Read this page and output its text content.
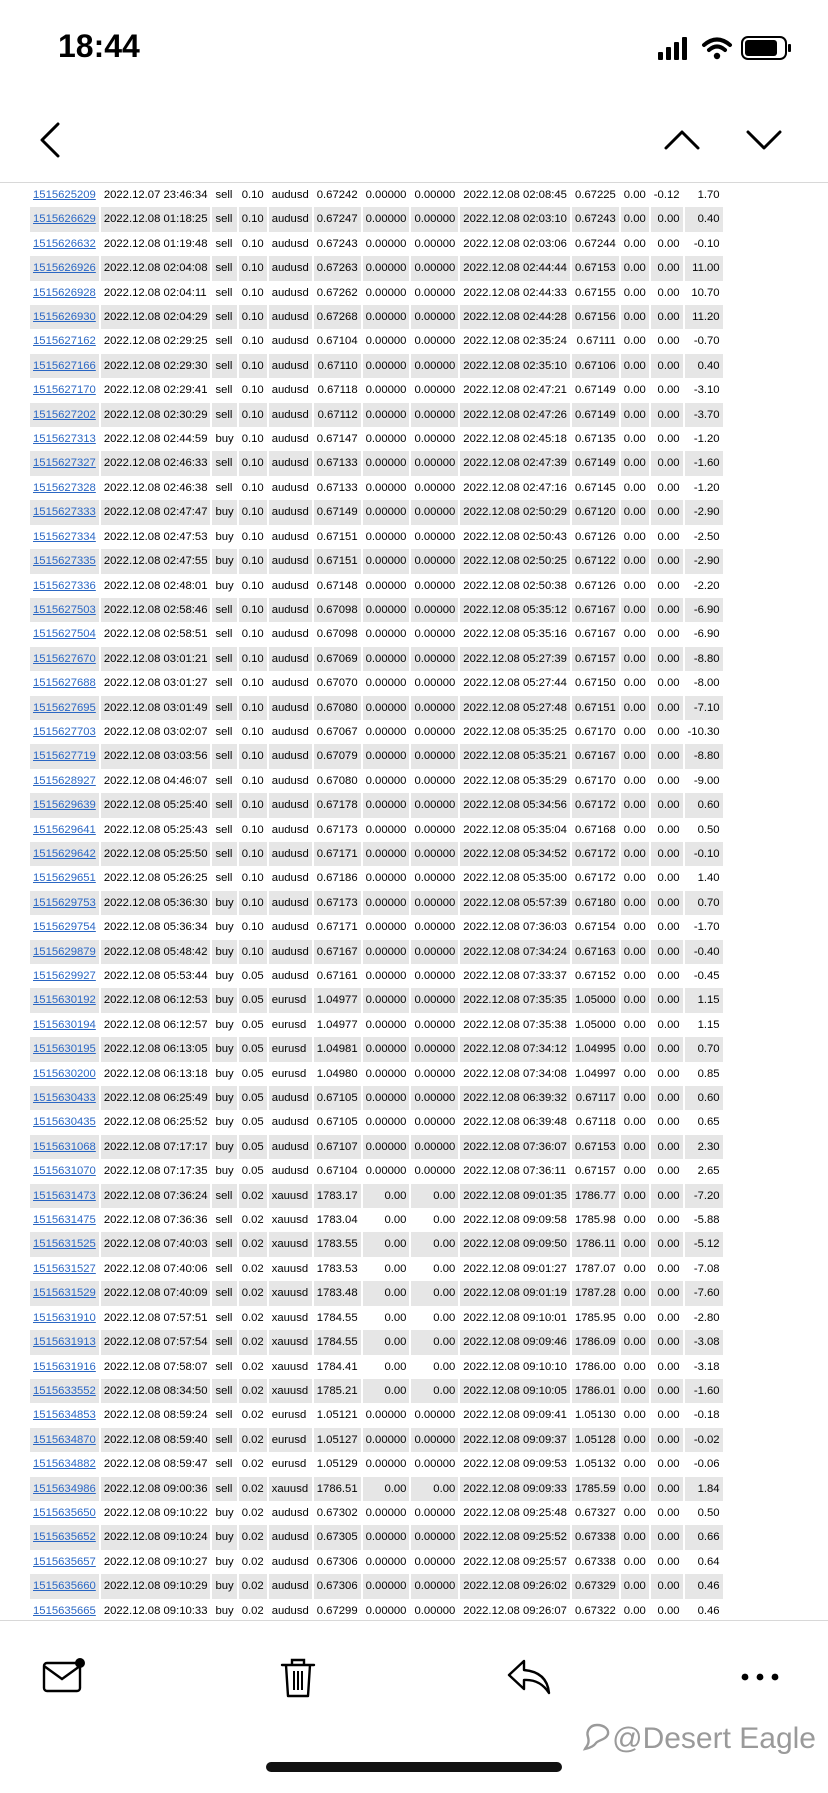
18:44
1515625209	2022.12.07 23:46:34	sell	0.10	audusd	0.67242	0.00000	0.00000	2022.12.08 02:08:45	0.67225	0.00	-0.12	1.70
1515626629	2022.12.08 01:18:25	sell	0.10	audusd	0.67247	0.00000	0.00000	2022.12.08 02:03:10	0.67243	0.00	0.00	0.40
1515626632	2022.12.08 01:19:48	sell	0.10	audusd	0.67243	0.00000	0.00000	2022.12.08 02:03:06	0.67244	0.00	0.00	-0.10
1515626926	2022.12.08 02:04:08	sell	0.10	audusd	0.67263	0.00000	0.00000	2022.12.08 02:44:44	0.67153	0.00	0.00	11.00
1515626928	2022.12.08 02:04:11	sell	0.10	audusd	0.67262	0.00000	0.00000	2022.12.08 02:44:33	0.67155	0.00	0.00	10.70
1515626930	2022.12.08 02:04:29	sell	0.10	audusd	0.67268	0.00000	0.00000	2022.12.08 02:44:28	0.67156	0.00	0.00	11.20
1515627162	2022.12.08 02:29:25	sell	0.10	audusd	0.67104	0.00000	0.00000	2022.12.08 02:35:24	0.67111	0.00	0.00	-0.70
1515627166	2022.12.08 02:29:30	sell	0.10	audusd	0.67110	0.00000	0.00000	2022.12.08 02:35:10	0.67106	0.00	0.00	0.40
1515627170	2022.12.08 02:29:41	sell	0.10	audusd	0.67118	0.00000	0.00000	2022.12.08 02:47:21	0.67149	0.00	0.00	-3.10
1515627202	2022.12.08 02:30:29	sell	0.10	audusd	0.67112	0.00000	0.00000	2022.12.08 02:47:26	0.67149	0.00	0.00	-3.70
1515627313	2022.12.08 02:44:59	buy	0.10	audusd	0.67147	0.00000	0.00000	2022.12.08 02:45:18	0.67135	0.00	0.00	-1.20
1515627327	2022.12.08 02:46:33	sell	0.10	audusd	0.67133	0.00000	0.00000	2022.12.08 02:47:39	0.67149	0.00	0.00	-1.60
1515627328	2022.12.08 02:46:38	sell	0.10	audusd	0.67133	0.00000	0.00000	2022.12.08 02:47:16	0.67145	0.00	0.00	-1.20
1515627333	2022.12.08 02:47:47	buy	0.10	audusd	0.67149	0.00000	0.00000	2022.12.08 02:50:29	0.67120	0.00	0.00	-2.90
1515627334	2022.12.08 02:47:53	buy	0.10	audusd	0.67151	0.00000	0.00000	2022.12.08 02:50:43	0.67126	0.00	0.00	-2.50
1515627335	2022.12.08 02:47:55	buy	0.10	audusd	0.67151	0.00000	0.00000	2022.12.08 02:50:25	0.67122	0.00	0.00	-2.90
1515627336	2022.12.08 02:48:01	buy	0.10	audusd	0.67148	0.00000	0.00000	2022.12.08 02:50:38	0.67126	0.00	0.00	-2.20
1515627503	2022.12.08 02:58:46	sell	0.10	audusd	0.67098	0.00000	0.00000	2022.12.08 05:35:12	0.67167	0.00	0.00	-6.90
1515627504	2022.12.08 02:58:51	sell	0.10	audusd	0.67098	0.00000	0.00000	2022.12.08 05:35:16	0.67167	0.00	0.00	-6.90
1515627670	2022.12.08 03:01:21	sell	0.10	audusd	0.67069	0.00000	0.00000	2022.12.08 05:27:39	0.67157	0.00	0.00	-8.80
1515627688	2022.12.08 03:01:27	sell	0.10	audusd	0.67070	0.00000	0.00000	2022.12.08 05:27:44	0.67150	0.00	0.00	-8.00
1515627695	2022.12.08 03:01:49	sell	0.10	audusd	0.67080	0.00000	0.00000	2022.12.08 05:27:48	0.67151	0.00	0.00	-7.10
1515627703	2022.12.08 03:02:07	sell	0.10	audusd	0.67067	0.00000	0.00000	2022.12.08 05:35:25	0.67170	0.00	0.00	-10.30
1515627719	2022.12.08 03:03:56	sell	0.10	audusd	0.67079	0.00000	0.00000	2022.12.08 05:35:21	0.67167	0.00	0.00	-8.80
1515628927	2022.12.08 04:46:07	sell	0.10	audusd	0.67080	0.00000	0.00000	2022.12.08 05:35:29	0.67170	0.00	0.00	-9.00
1515629639	2022.12.08 05:25:40	sell	0.10	audusd	0.67178	0.00000	0.00000	2022.12.08 05:34:56	0.67172	0.00	0.00	0.60
1515629641	2022.12.08 05:25:43	sell	0.10	audusd	0.67173	0.00000	0.00000	2022.12.08 05:35:04	0.67168	0.00	0.00	0.50
1515629642	2022.12.08 05:25:50	sell	0.10	audusd	0.67171	0.00000	0.00000	2022.12.08 05:34:52	0.67172	0.00	0.00	-0.10
1515629651	2022.12.08 05:26:25	sell	0.10	audusd	0.67186	0.00000	0.00000	2022.12.08 05:35:00	0.67172	0.00	0.00	1.40
1515629753	2022.12.08 05:36:30	buy	0.10	audusd	0.67173	0.00000	0.00000	2022.12.08 05:57:39	0.67180	0.00	0.00	0.70
1515629754	2022.12.08 05:36:34	buy	0.10	audusd	0.67171	0.00000	0.00000	2022.12.08 07:36:03	0.67154	0.00	0.00	-1.70
1515629879	2022.12.08 05:48:42	buy	0.10	audusd	0.67167	0.00000	0.00000	2022.12.08 07:34:24	0.67163	0.00	0.00	-0.40
1515629927	2022.12.08 05:53:44	buy	0.05	audusd	0.67161	0.00000	0.00000	2022.12.08 07:33:37	0.67152	0.00	0.00	-0.45
1515630192	2022.12.08 06:12:53	buy	0.05	eurusd	1.04977	0.00000	0.00000	2022.12.08 07:35:35	1.05000	0.00	0.00	1.15
1515630194	2022.12.08 06:12:57	buy	0.05	eurusd	1.04977	0.00000	0.00000	2022.12.08 07:35:38	1.05000	0.00	0.00	1.15
1515630195	2022.12.08 06:13:05	buy	0.05	eurusd	1.04981	0.00000	0.00000	2022.12.08 07:34:12	1.04995	0.00	0.00	0.70
1515630200	2022.12.08 06:13:18	buy	0.05	eurusd	1.04980	0.00000	0.00000	2022.12.08 07:34:08	1.04997	0.00	0.00	0.85
1515630433	2022.12.08 06:25:49	buy	0.05	audusd	0.67105	0.00000	0.00000	2022.12.08 06:39:32	0.67117	0.00	0.00	0.60
1515630435	2022.12.08 06:25:52	buy	0.05	audusd	0.67105	0.00000	0.00000	2022.12.08 06:39:48	0.67118	0.00	0.00	0.65
1515631068	2022.12.08 07:17:17	buy	0.05	audusd	0.67107	0.00000	0.00000	2022.12.08 07:36:07	0.67153	0.00	0.00	2.30
1515631070	2022.12.08 07:17:35	buy	0.05	audusd	0.67104	0.00000	0.00000	2022.12.08 07:36:11	0.67157	0.00	0.00	2.65
1515631473	2022.12.08 07:36:24	sell	0.02	xauusd	1783.17	0.00	0.00	2022.12.08 09:01:35	1786.77	0.00	0.00	-7.20
1515631475	2022.12.08 07:36:36	sell	0.02	xauusd	1783.04	0.00	0.00	2022.12.08 09:09:58	1785.98	0.00	0.00	-5.88
1515631525	2022.12.08 07:40:03	sell	0.02	xauusd	1783.55	0.00	0.00	2022.12.08 09:09:50	1786.11	0.00	0.00	-5.12
1515631527	2022.12.08 07:40:06	sell	0.02	xauusd	1783.53	0.00	0.00	2022.12.08 09:01:27	1787.07	0.00	0.00	-7.08
1515631529	2022.12.08 07:40:09	sell	0.02	xauusd	1783.48	0.00	0.00	2022.12.08 09:01:19	1787.28	0.00	0.00	-7.60
1515631910	2022.12.08 07:57:51	sell	0.02	xauusd	1784.55	0.00	0.00	2022.12.08 09:10:01	1785.95	0.00	0.00	-2.80
1515631913	2022.12.08 07:57:54	sell	0.02	xauusd	1784.55	0.00	0.00	2022.12.08 09:09:46	1786.09	0.00	0.00	-3.08
1515631916	2022.12.08 07:58:07	sell	0.02	xauusd	1784.41	0.00	0.00	2022.12.08 09:10:10	1786.00	0.00	0.00	-3.18
1515633552	2022.12.08 08:34:50	sell	0.02	xauusd	1785.21	0.00	0.00	2022.12.08 09:10:05	1786.01	0.00	0.00	-1.60
1515634853	2022.12.08 08:59:24	sell	0.02	eurusd	1.05121	0.00000	0.00000	2022.12.08 09:09:41	1.05130	0.00	0.00	-0.18
1515634870	2022.12.08 08:59:40	sell	0.02	eurusd	1.05127	0.00000	0.00000	2022.12.08 09:09:37	1.05128	0.00	0.00	-0.02
1515634882	2022.12.08 08:59:47	sell	0.02	eurusd	1.05129	0.00000	0.00000	2022.12.08 09:09:53	1.05132	0.00	0.00	-0.06
1515634986	2022.12.08 09:00:36	sell	0.02	xauusd	1786.51	0.00	0.00	2022.12.08 09:09:33	1785.59	0.00	0.00	1.84
1515635650	2022.12.08 09:10:22	buy	0.02	audusd	0.67302	0.00000	0.00000	2022.12.08 09:25:48	0.67327	0.00	0.00	0.50
1515635652	2022.12.08 09:10:24	buy	0.02	audusd	0.67305	0.00000	0.00000	2022.12.08 09:25:52	0.67338	0.00	0.00	0.66
1515635657	2022.12.08 09:10:27	buy	0.02	audusd	0.67306	0.00000	0.00000	2022.12.08 09:25:57	0.67338	0.00	0.00	0.64
1515635660	2022.12.08 09:10:29	buy	0.02	audusd	0.67306	0.00000	0.00000	2022.12.08 09:26:02	0.67329	0.00	0.00	0.46
1515635665	2022.12.08 09:10:33	buy	0.02	audusd	0.67299	0.00000	0.00000	2022.12.08 09:26:07	0.67322	0.00	0.00	0.46
@Desert Eagle
